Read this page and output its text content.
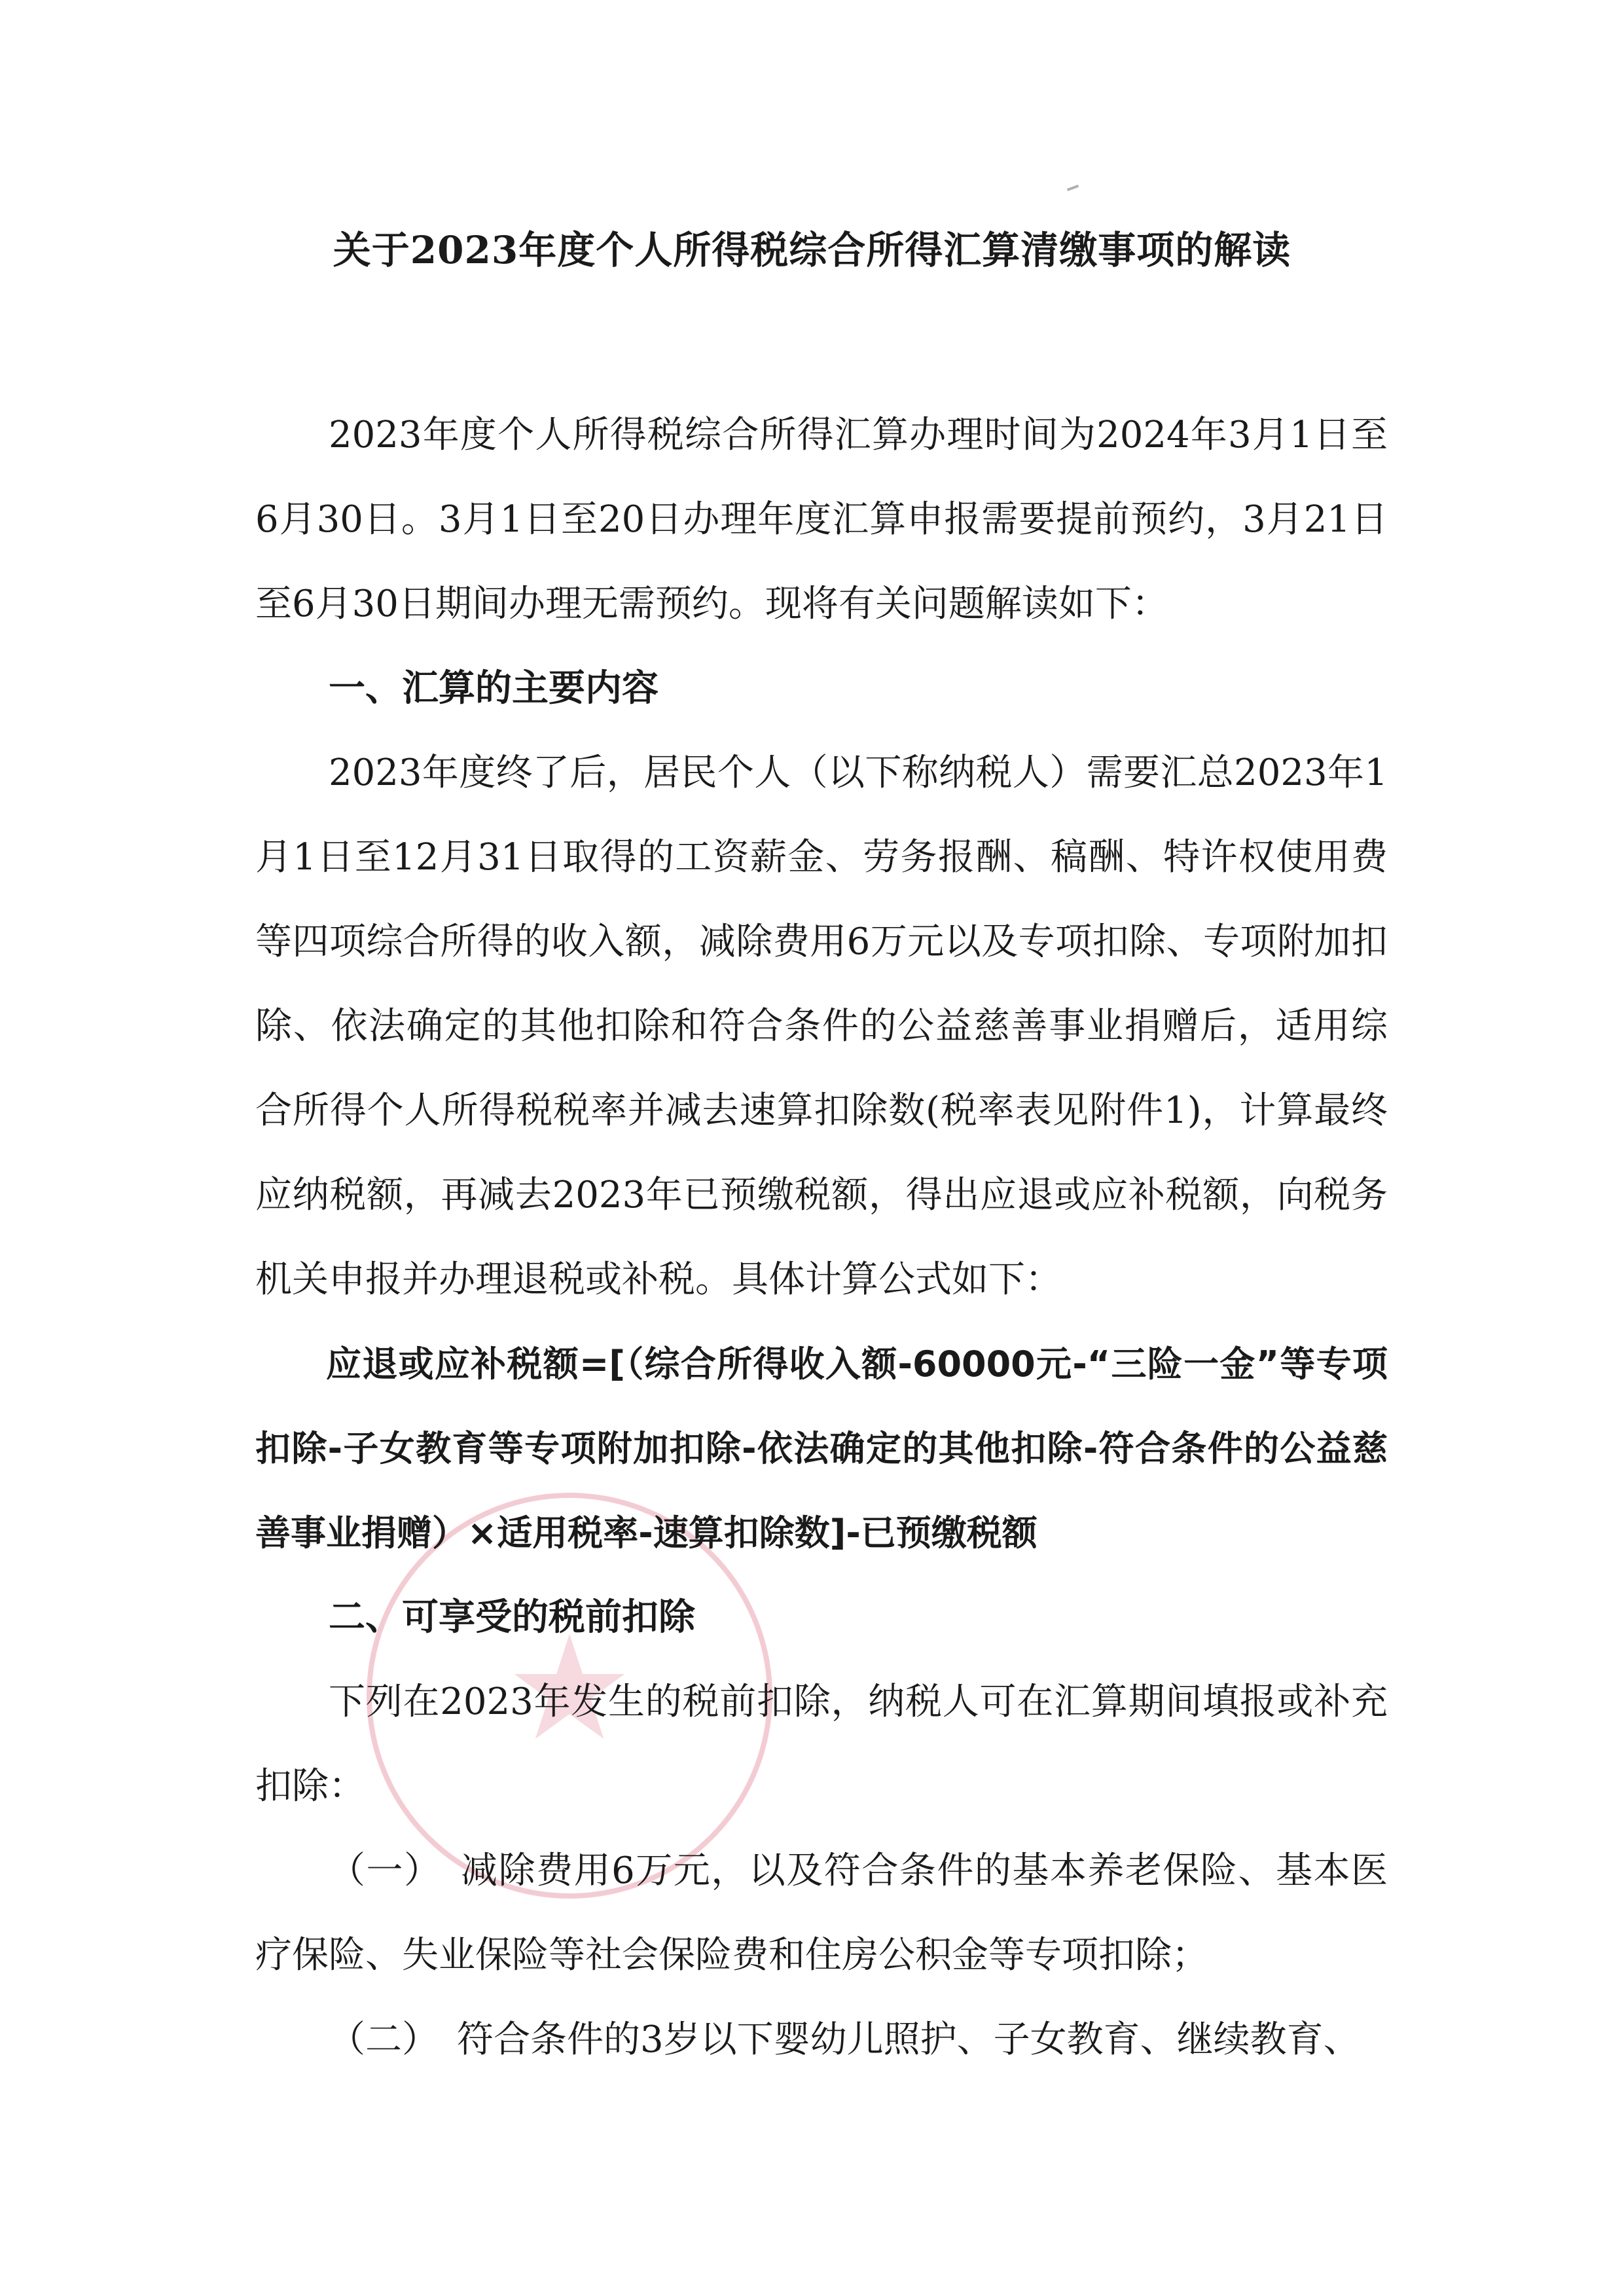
★
关于2023年度个人所得税综合所得汇算清缴事项的解读

2023年度个人所得税综合所得汇算办理时间为2024年3月1日至6月30日。3月1日至20日办理年度汇算申报需要提前预约，3月21日至6月30日期间办理无需预约。现将有关问题解读如下：

一、汇算的主要内容

2023年度终了后，居民个人（以下称纳税人）需要汇总2023年1月1日至12月31日取得的工资薪金、劳务报酬、稿酬、特许权使用费等四项综合所得的收入额，减除费用6万元以及专项扣除、专项附加扣除、依法确定的其他扣除和符合条件的公益慈善事业捐赠后，适用综合所得个人所得税税率并减去速算扣除数(税率表见附件1)，计算最终应纳税额，再减去2023年已预缴税额，得出应退或应补税额，向税务机关申报并办理退税或补税。具体计算公式如下：

应退或应补税额=[（综合所得收入额-60000元-“三险一金”等专项扣除-子女教育等专项附加扣除-依法确定的其他扣除-符合条件的公益慈善事业捐赠）×适用税率-速算扣除数]-已预缴税额

二、可享受的税前扣除

下列在2023年发生的税前扣除，纳税人可在汇算期间填报或补充扣除：

（一）　减除费用6万元，以及符合条件的基本养老保险、基本医疗保险、失业保险等社会保险费和住房公积金等专项扣除；

（二）　符合条件的3岁以下婴幼儿照护、子女教育、继续教育、
